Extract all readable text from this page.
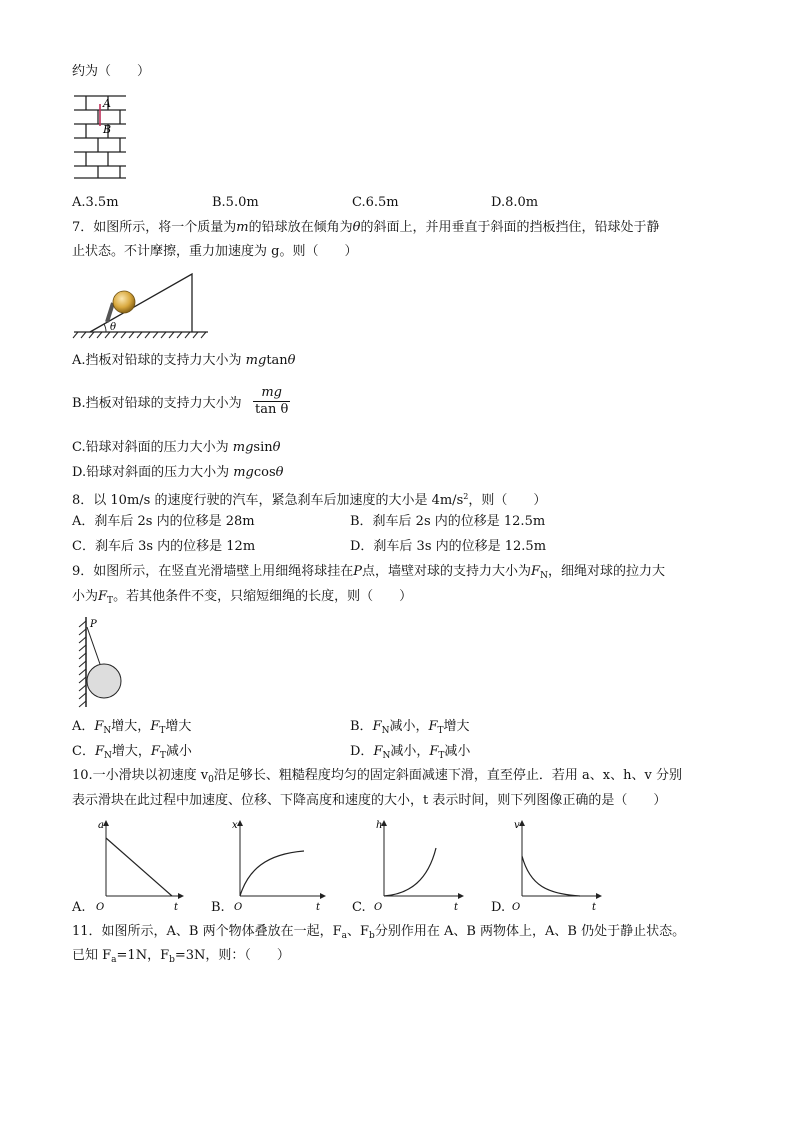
约为（　　）
A
B
A.3.5m	B.5.0m	C.6.5m	D.8.0m
7．如图所示，将一个质量为m的铅球放在倾角为θ的斜面上，并用垂直于斜面的挡板挡住，铅球处于静
止状态。不计摩擦，重力加速度为 g。则（　　）
θ
A.挡板对铅球的支持力大小为 mgtanθ
B.挡板对铅球的支持力大小为 $\frac{mg}{\text{tan θ}}$
C.铅球对斜面的压力大小为 mgsinθ
D.铅球对斜面的压力大小为 mgcosθ
8．以 10m/s 的速度行驶的汽车，紧急刹车后加速度的大小是 $4m/s^2$，则（　　）
A．刹车后 2s 内的位移是 28m	B．刹车后 2s 内的位移是 12.5m
C．刹车后 3s 内的位移是 12m	D．刹车后 3s 内的位移是 12.5m
9．如图所示，在竖直光滑墙壁上用细绳将球挂在P点，墙壁对球的支持力大小为$F_N$，细绳对球的拉力大
小为$F_T$。若其他条件不变，只缩短细绳的长度，则（　　）
P
A．$F_N$增大，$F_T$增大	B．$F_N$减小，$F_T$增大
C．$F_N$增大，$F_T$减小	D．$F_N$减小，$F_T$减小
10.一小滑块以初速度 $v_0$沿足够长、粗糙程度均匀的固定斜面减速下滑，直至停止．若用 a、x、h、v 分别
表示滑块在此过程中加速度、位移、下降高度和速度的大小，t 表示时间，则下列图像正确的是（　　）
A.
a
t
O	B.
x
t
O	C.
h
t
O	D.
v
t
O
11．如图所示，A、B 两个物体叠放在一起，$F_a$、$F_b$分别作用在 A、B 两物体上，A、B 仍处于静止状态。
已知 $F_a=1N$，$F_b=3N$，则：（　　）
